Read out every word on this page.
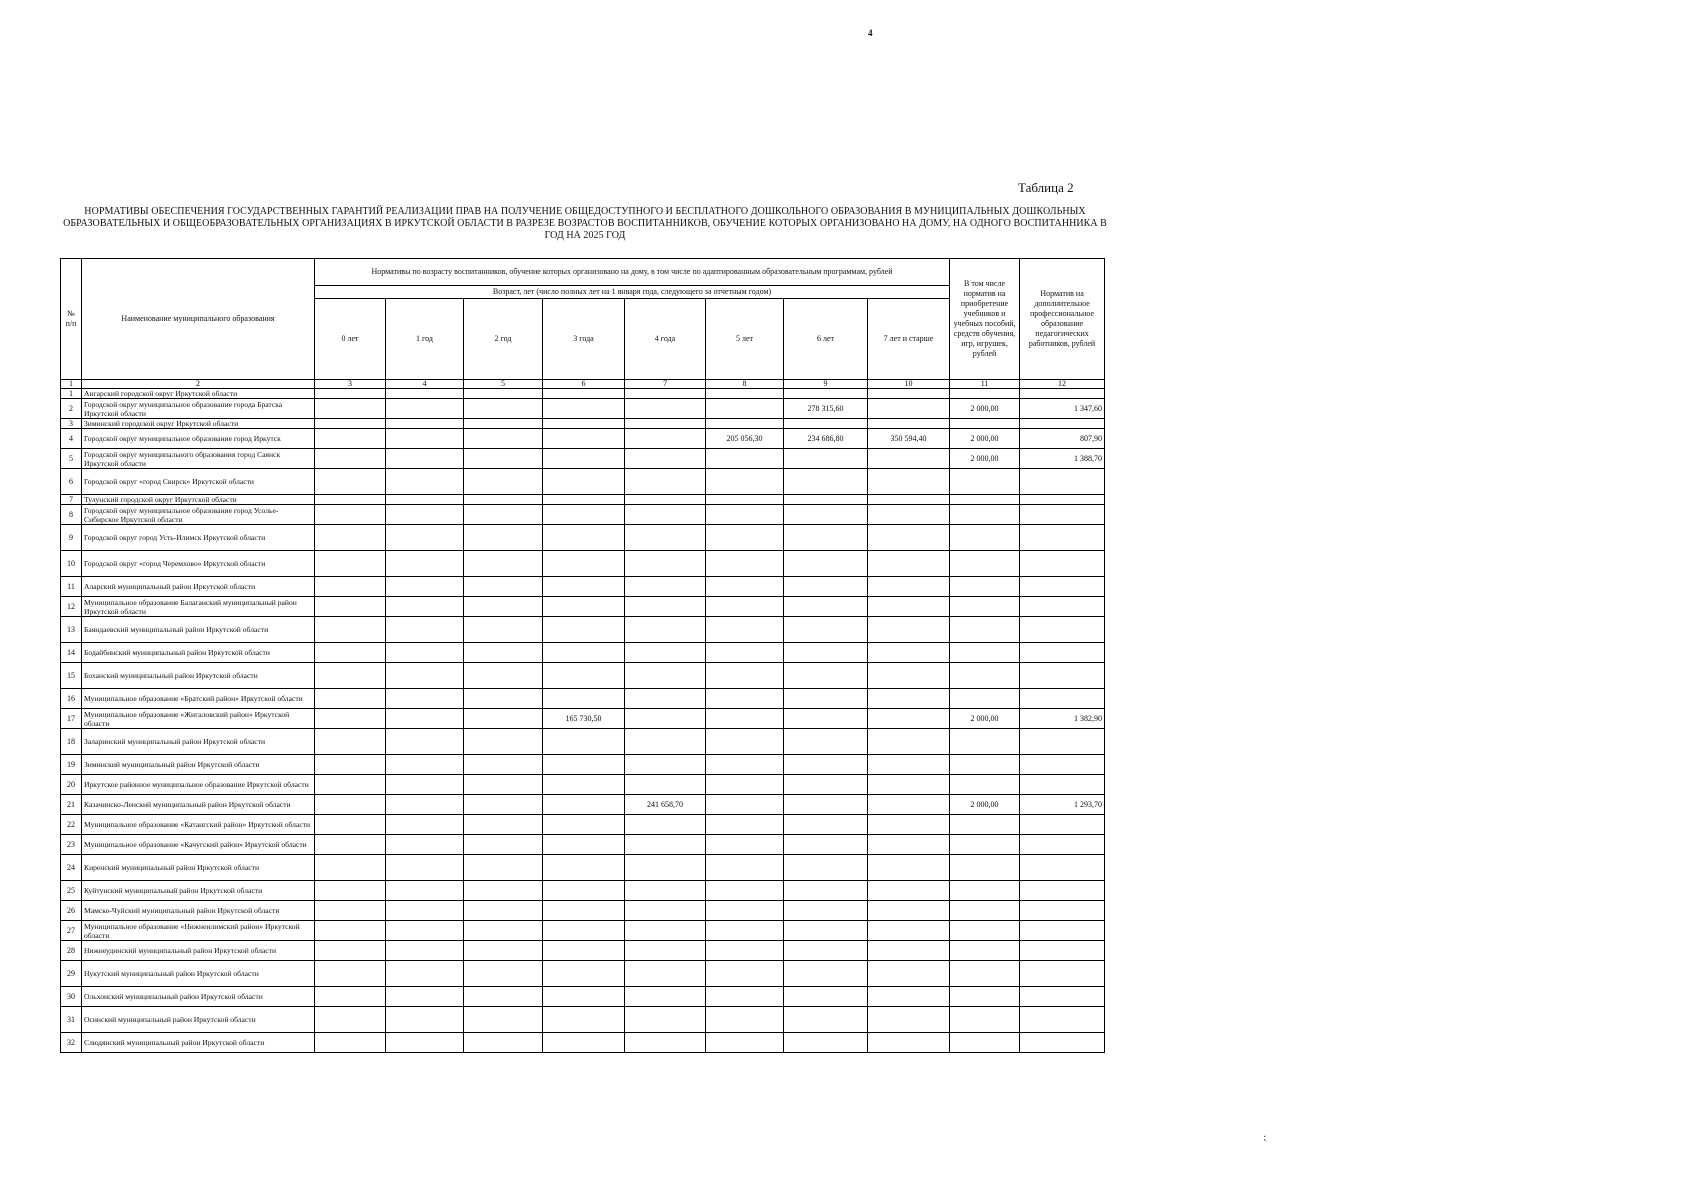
4
Таблица 2
НОРМАТИВЫ ОБЕСПЕЧЕНИЯ ГОСУДАРСТВЕННЫХ ГАРАНТИЙ РЕАЛИЗАЦИИ ПРАВ НА ПОЛУЧЕНИЕ ОБЩЕДОСТУПНОГО И БЕСПЛАТНОГО ДОШКОЛЬНОГО ОБРАЗОВАНИЯ В МУНИЦИПАЛЬНЫХ ДОШКОЛЬНЫХ ОБРАЗОВАТЕЛЬНЫХ И ОБЩЕОБРАЗОВАТЕЛЬНЫХ ОРГАНИЗАЦИЯХ В ИРКУТСКОЙ ОБЛАСТИ В РАЗРЕЗЕ ВОЗРАСТОВ ВОСПИТАННИКОВ, ОБУЧЕНИЕ КОТОРЫХ ОРГАНИЗОВАНО НА ДОМУ, НА ОДНОГО ВОСПИТАННИКА В ГОД НА 2025 ГОД
⁏
№ п/п	Наименование муниципального образования	Нормативы по возрасту воспитанников, обучение которых организовано на дому, в том числе по адаптированным образовательным программам, рублей								В том числе норматив на приобретение учебников и учебных пособий, средств обучения, игр, игрушек, рублей	Норматив на дополнительное профессиональное образование педагогических работников, рублей
		Возраст, лет (число полных лет на 1 января года, следующего за отчетным годом)									
		0 лет	1 год	2 год	3 года	4 года	5 лет	6 лет	7 лет и старше		
1	2	3	4	5	6	7	8	9	10	11	12
1	Ангарский городской округ Иркутской области										
2	Городской округ муниципальное образование города Братска Иркутской области							278 315,60		2 000,00	1 347,60
3	Зиминский городской округ Иркутской области										
4	Городской округ муниципальное образование город Иркутск						205 056,30	234 686,80	350 594,40	2 000,00	807,90
5	Городской округ муниципального образования город Саянск Иркутской области									2 000,00	1 388,70
6	Городской округ «город Свирск» Иркутской области										
7	Тулунский городской округ Иркутской области										
8	Городской округ муниципальное образование город Усолье-Сибирское Иркутской области										
9	Городской округ город Усть-Илимск Иркутской области										
10	Городской округ «город Черемхово» Иркутской области										
11	Аларский муниципальный район Иркутской области										
12	Муниципальное образование Балаганский муниципальный район Иркутской области										
13	Баяндаевский муниципальный район Иркутской области										
14	Бодайбинский муниципальный район Иркутской области										
15	Боханский муниципальный район Иркутской области										
16	Муниципальное образование «Братский район» Иркутской области										
17	Муниципальное образование «Жигаловский район» Иркутской области				165 730,50					2 000,00	1 382,90
18	Заларинский муниципальный район Иркутской области										
19	Зиминский муниципальный район Иркутской области										
20	Иркутское районное муниципальное образование Иркутской области										
21	Казачинско-Ленский муниципальный район Иркутской области					241 658,70				2 000,00	1 293,70
22	Муниципальное образование «Катангский район» Иркутской области										
23	Муниципальное образование «Качугский район» Иркутской области										
24	Киренский муниципальный район Иркутской области										
25	Куйтунский муниципальный район Иркутской области										
26	Мамско-Чуйский муниципальный район Иркутской области										
27	Муниципальное образование «Нижнеилимский район» Иркутской области										
28	Нижнеудинский муниципальный район Иркутской области										
29	Нукутский муниципальный район Иркутской области										
30	Ольхонский муниципальный район Иркутской области										
31	Осинский муниципальный район Иркутской области										
32	Слюдянский муниципальный район Иркутской области										
